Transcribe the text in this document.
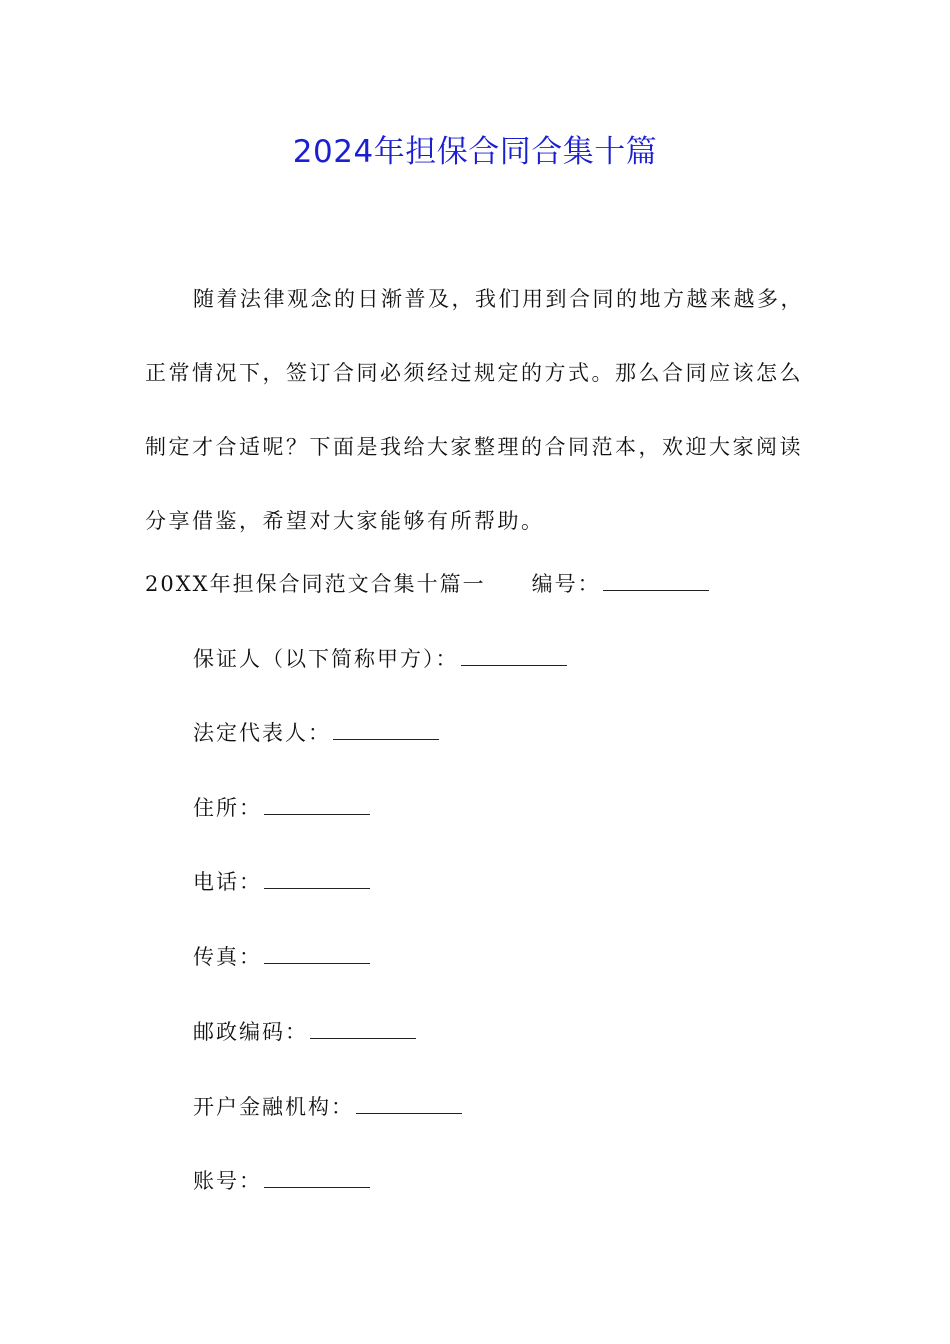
2024年担保合同合集十篇

随着法律观念的日渐普及，我们用到合同的地方越来越多，正常情况下，签订合同必须经过规定的方式。那么合同应该怎么制定才合适呢？下面是我给大家整理的合同范本，欢迎大家阅读分享借鉴，希望对大家能够有所帮助。

20XX年担保合同范文合集十篇一 编号：
保证人（以下简称甲方）：
法定代表人：
住所：
电话：
传真：
邮政编码：
开户金融机构：
账号：
